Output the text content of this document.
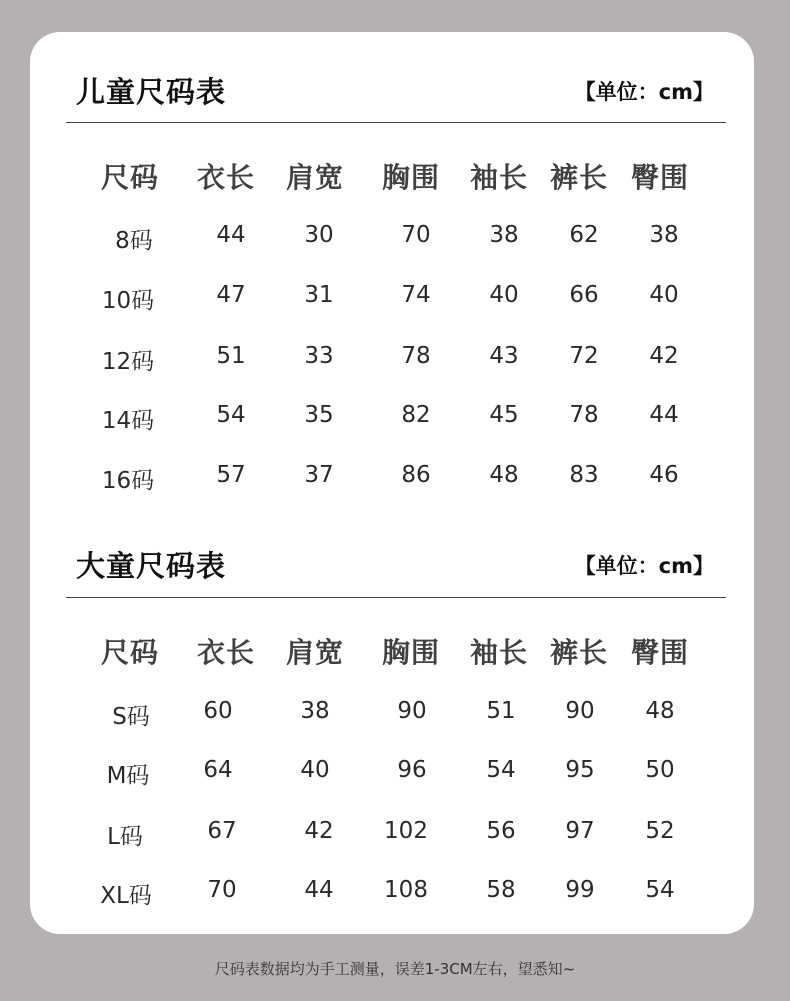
儿童尺码表	【单位：cm】
尺码	衣长	肩宽	胸围	袖长 裤长 臀围
8码	44	30	70	38	62	38
10码	47	31	74	40	66	40
12码	51	33	78	43	72	42
14码	54	35	82	45	78	44
16码	57	37	86	48	83	46
大童尺码表	【单位：cm】
尺码	衣长	肩宽	胸围	袖长 裤长 臀围
S码	60	38	90	51	90	48
M码	64	40	96	54	95	50
L码	67	42	102	56	97	52
XL码	70	44	108	58	99	54
尺码表数据均为手工测量，误差1-3CM左右，望悉知~
